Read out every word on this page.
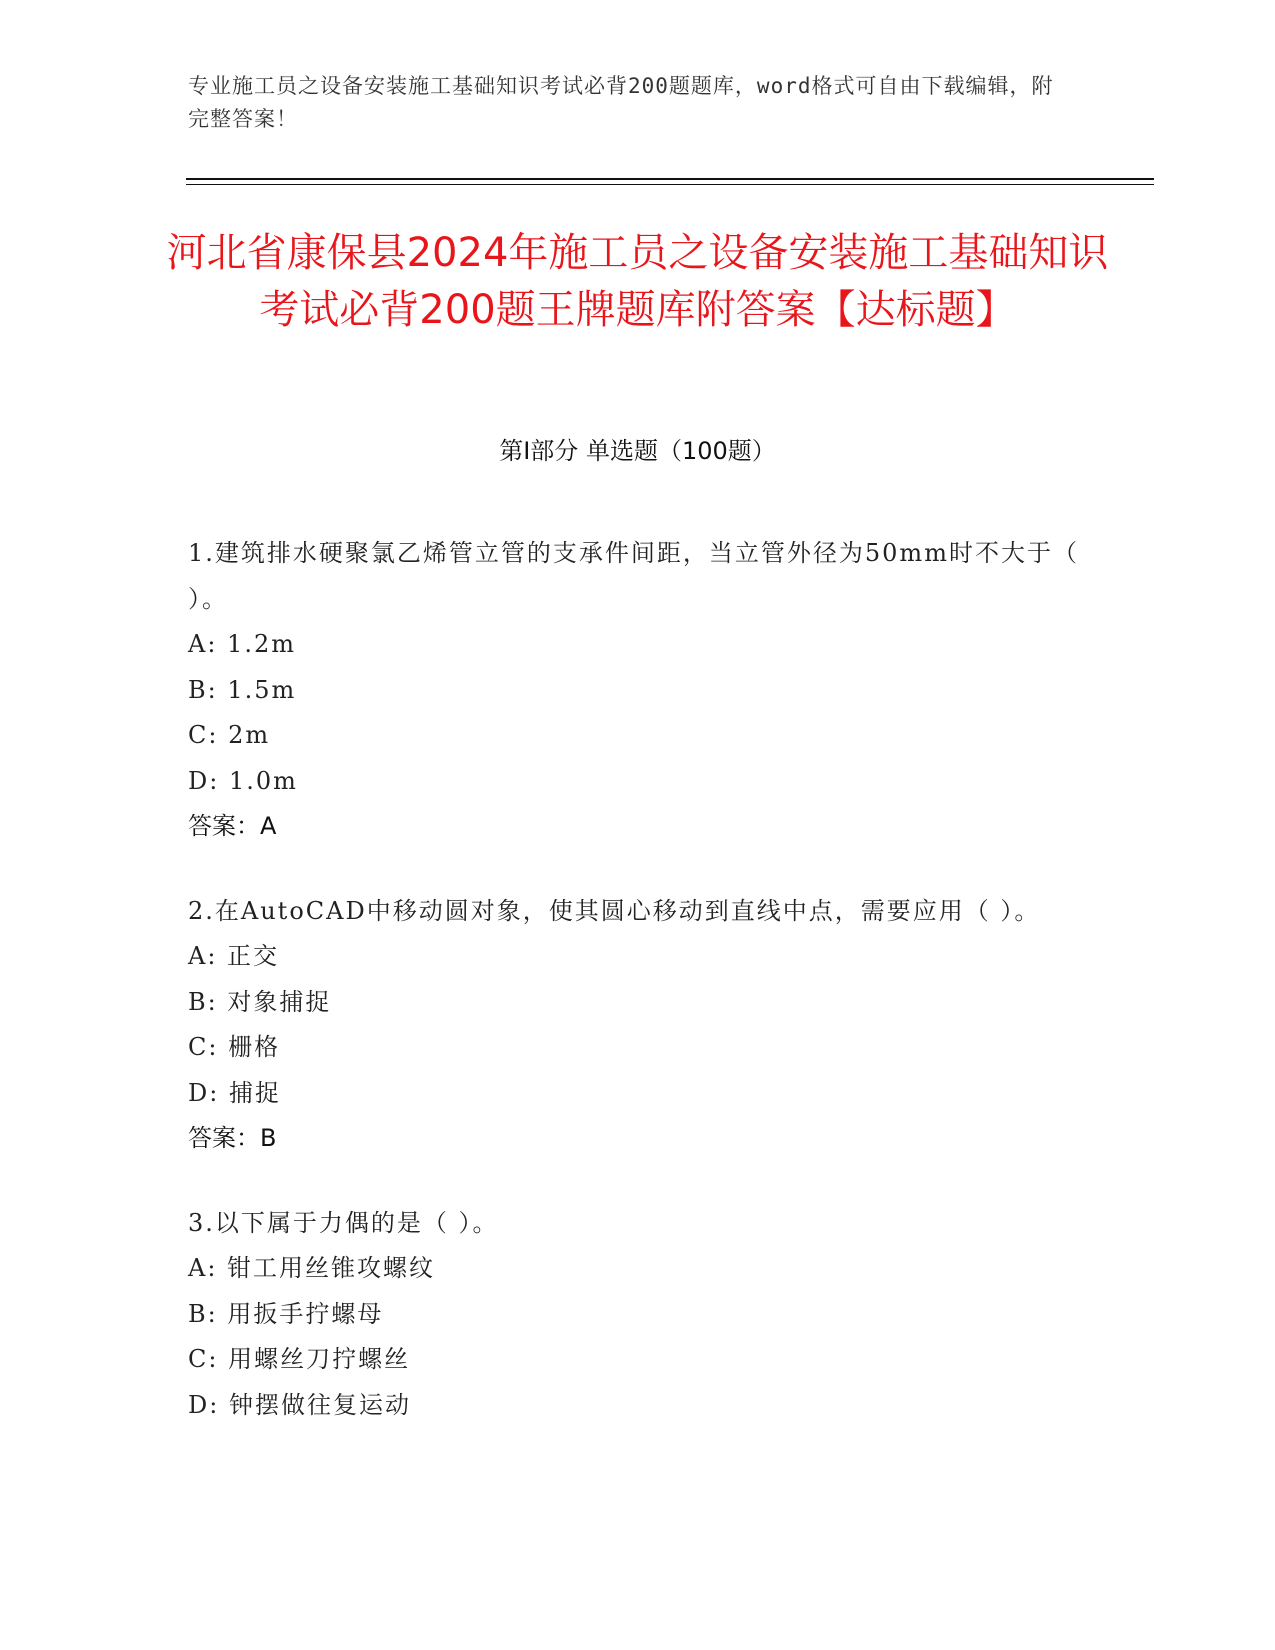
专业施工员之设备安装施工基础知识考试必背200题题库，word格式可自由下载编辑，附完整答案！
河北省康保县2024年施工员之设备安装施工基础知识考试必背200题王牌题库附答案【达标题】
第I部分 单选题（100题）
1.建筑排水硬聚氯乙烯管立管的支承件间距，当立管外径为50mm时不大于（ ）。
A: 1.2m
B: 1.5m
C: 2m
D: 1.0m
答案：A
2.在AutoCAD中移动圆对象，使其圆心移动到直线中点，需要应用（ ）。
A: 正交
B: 对象捕捉
C: 栅格
D: 捕捉
答案：B
3.以下属于力偶的是（ ）。
A: 钳工用丝锥攻螺纹
B: 用扳手拧螺母
C: 用螺丝刀拧螺丝
D: 钟摆做往复运动
